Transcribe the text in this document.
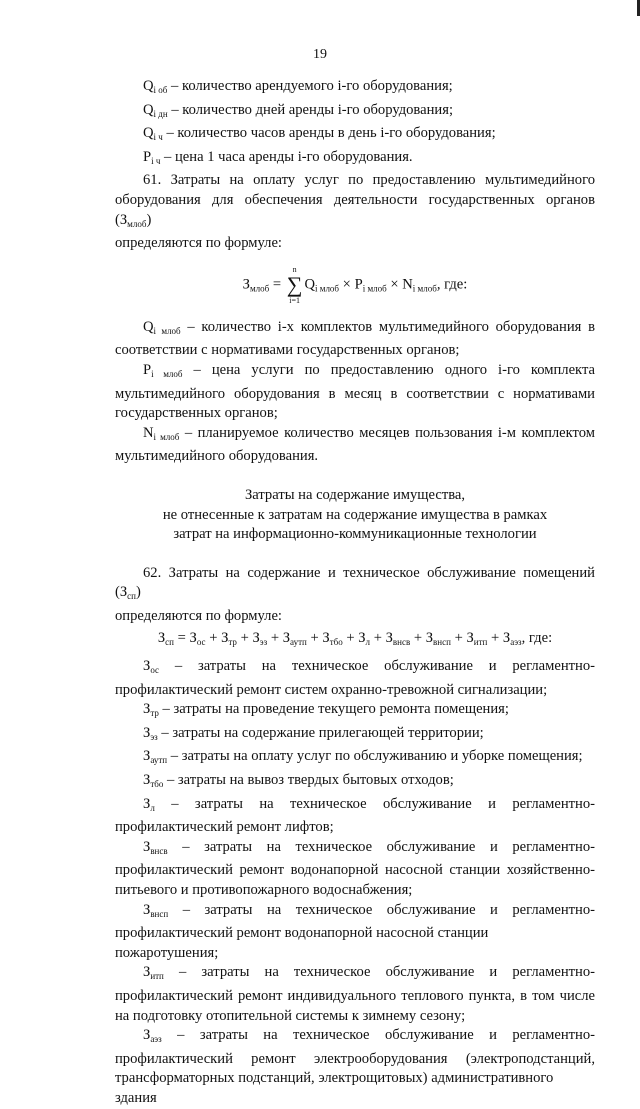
19

$Q_{i об}$ – количество арендуемого i-го оборудования;

$Q_{i дн}$ – количество дней аренды i-го оборудования;

$Q_{i ч}$ – количество часов аренды в день i-го оборудования;

$P_{i ч}$ – цена 1 часа аренды i-го оборудования.

61. Затраты на оплату услуг по предоставлению мультимедийного

оборудования для обеспечения деятельности государственных органов $(З_{млоб})$

определяются по формуле:

$З_{млоб}$ =
n
∑
i=1
$Q_{i млоб} \times P_{i млоб} \times N_{i млоб}$, где:

$Q_{i млоб}$ – количество i-х комплектов мультимедийного оборудования в

соответствии с нормативами государственных органов;

$P_{i млоб}$ – цена услуги по предоставлению одного i-го комплекта

мультимедийного оборудования в месяц в соответствии с нормативами

государственных органов;

$N_{i млоб}$ – планируемое количество месяцев пользования i-м комплектом

мультимедийного оборудования.

Затраты на содержание имущества,
не отнесенные к затратам на содержание имущества в рамках
затрат на информационно-коммуникационные технологии

62. Затраты на содержание и техническое обслуживание помещений $(З_{сп})$

определяются по формуле:

$З_{сп} = З_{ос} + З_{тр} + З_{эз} + З_{аутп} + З_{тбо} + З_л + З_{внсв} + З_{внсп} + З_{итп} + З_{аэз}$, где:

$З_{ос}$ – затраты на техническое обслуживание и регламентно-

профилактический ремонт систем охранно-тревожной сигнализации;

$З_{тр}$ – затраты на проведение текущего ремонта помещения;

$З_{эз}$ – затраты на содержание прилегающей территории;

$З_{аутп}$ – затраты на оплату услуг по обслуживанию и уборке помещения;

$З_{тбо}$ – затраты на вывоз твердых бытовых отходов;

$З_л$ – затраты на техническое обслуживание и регламентно-

профилактический ремонт лифтов;

$З_{внсв}$ – затраты на техническое обслуживание и регламентно-

профилактический ремонт водонапорной насосной станции хозяйственно-

питьевого и противопожарного водоснабжения;

$З_{внсп}$ – затраты на техническое обслуживание и регламентно-

профилактический ремонт водонапорной насосной станции пожаротушения;

$З_{итп}$ – затраты на техническое обслуживание и регламентно-

профилактический ремонт индивидуального теплового пункта, в том числе

на подготовку отопительной системы к зимнему сезону;

$З_{аэз}$ – затраты на техническое обслуживание и регламентно-

профилактический ремонт электрооборудования (электроподстанций,

трансформаторных подстанций, электрощитовых) административного здания
